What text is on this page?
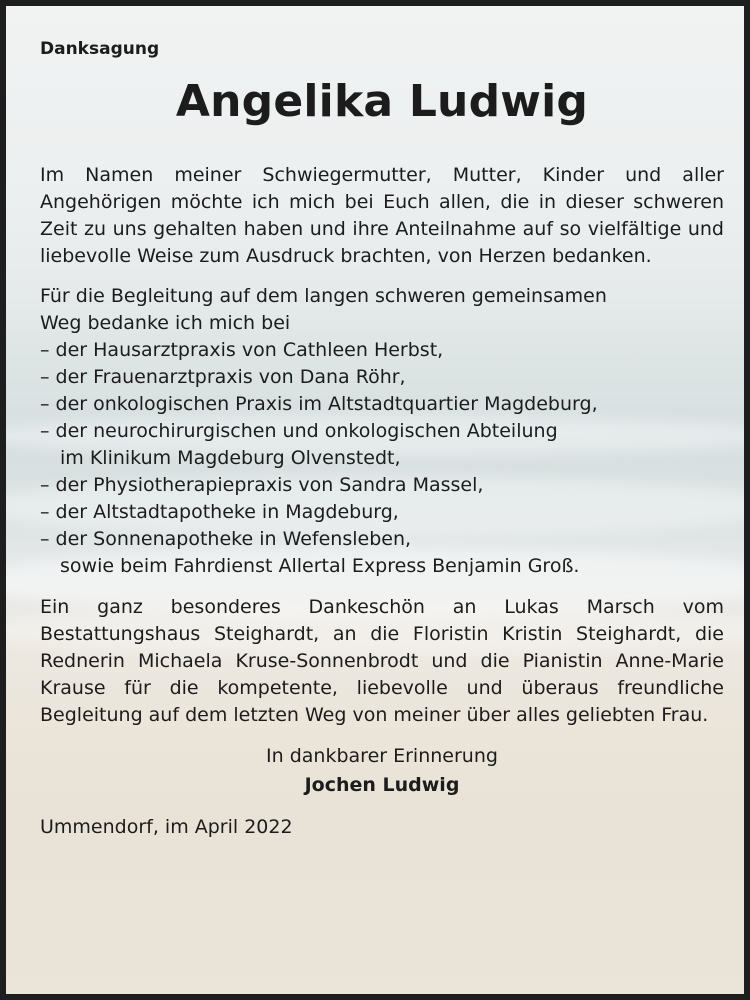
Danksagung

Angelika Ludwig

Im Namen meiner Schwiegermutter, Mutter, Kinder und aller Angehörigen möchte ich mich bei Euch allen, die in dieser schweren Zeit zu uns gehalten haben und ihre Anteilnahme auf so vielfältige und liebevolle Weise zum Ausdruck brachten, von Herzen bedanken.

Für die Begleitung auf dem langen schweren gemeinsamen

Weg bedanke ich mich bei

– der Hausarztpraxis von Cathleen Herbst,
– der Frauenarztpraxis von Dana Röhr,
– der onkologischen Praxis im Altstadtquartier Magdeburg,
– der neurochirurgischen und onkologischen Abteilung
im Klinikum Magdeburg Olvenstedt,
– der Physiotherapiepraxis von Sandra Massel,
– der Altstadtapotheke in Magdeburg,
– der Sonnenapotheke in Wefensleben,
sowie beim Fahrdienst Allertal Express Benjamin Groß.

Ein ganz besonderes Dankeschön an Lukas Marsch vom Bestattungshaus Steighardt, an die Floristin Kristin Steighardt, die Rednerin Michaela Kruse-Sonnenbrodt und die Pianistin Anne-Marie Krause für die kompetente, liebevolle und überaus freundliche Begleitung auf dem letzten Weg von meiner über alles geliebten Frau.

In dankbarer Erinnerung
Jochen Ludwig
Ummendorf, im April 2022
